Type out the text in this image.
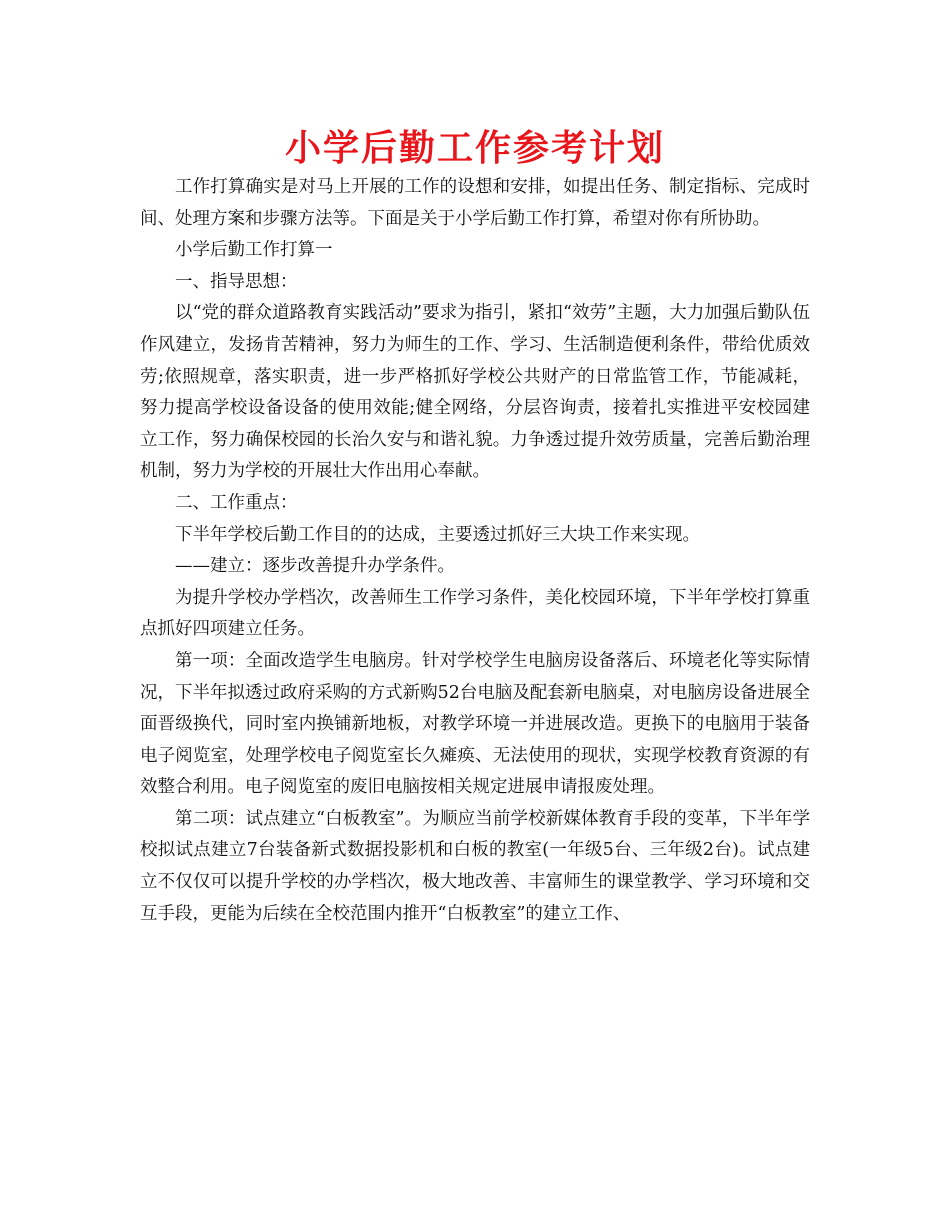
小学后勤工作参考计划

工作打算确实是对马上开展的工作的设想和安排，如提出任务、制定指标、完成时间、处理方案和步骤方法等。下面是关于小学后勤工作打算，希望对你有所协助。

小学后勤工作打算一

一、指导思想：

以“党的群众道路教育实践活动”要求为指引，紧扣“效劳”主题，大力加强后勤队伍作风建立，发扬肯苦精神，努力为师生的工作、学习、生活制造便利条件，带给优质效劳;依照规章，落实职责，进一步严格抓好学校公共财产的日常监管工作，节能减耗，努力提高学校设备设备的使用效能;健全网络，分层咨询责，接着扎实推进平安校园建立工作，努力确保校园的长治久安与和谐礼貌。力争透过提升效劳质量，完善后勤治理机制，努力为学校的开展壮大作出用心奉献。

二、工作重点：

下半年学校后勤工作目的的达成，主要透过抓好三大块工作来实现。

——建立：逐步改善提升办学条件。

为提升学校办学档次，改善师生工作学习条件，美化校园环境，下半年学校打算重点抓好四项建立任务。

第一项：全面改造学生电脑房。针对学校学生电脑房设备落后、环境老化等实际情况，下半年拟透过政府采购的方式新购52台电脑及配套新电脑桌，对电脑房设备进展全面晋级换代，同时室内换铺新地板，对教学环境一并进展改造。更换下的电脑用于装备电子阅览室，处理学校电子阅览室长久瘫痪、无法使用的现状，实现学校教育资源的有效整合利用。电子阅览室的废旧电脑按相关规定进展申请报废处理。

第二项：试点建立“白板教室”。为顺应当前学校新媒体教育手段的变革，下半年学校拟试点建立7台装备新式数据投影机和白板的教室(一年级5台、三年级2台)。试点建立不仅仅可以提升学校的办学档次，极大地改善、丰富师生的课堂教学、学习环境和交互手段，更能为后续在全校范围内推开“白板教室”的建立工作、
